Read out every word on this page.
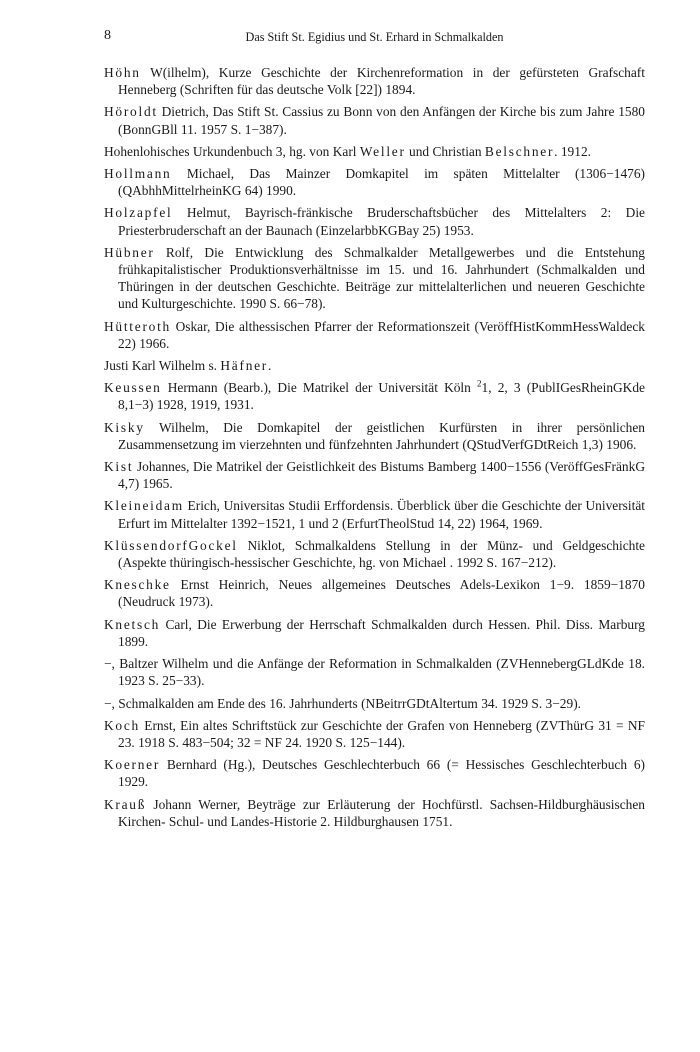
8	Das Stift St. Egidius und St. Erhard in Schmalkalden

Höhn W(ilhelm), Kurze Geschichte der Kirchenreformation in der gefürsteten Grafschaft Henneberg (Schriften für das deutsche Volk [22]) 1894.

Höroldt Dietrich, Das Stift St. Cassius zu Bonn von den Anfängen der Kirche bis zum Jahre 1580 (BonnGBll 11. 1957 S. 1−387).

Hohenlohisches Urkundenbuch 3, hg. von Karl Weller und Christian Belschner. 1912.

Hollmann Michael, Das Mainzer Domkapitel im späten Mittelalter (1306−1476) (QAbhhMittelrheinKG 64) 1990.

Holzapfel Helmut, Bayrisch-fränkische Bruderschaftsbücher des Mittelalters 2: Die Priesterbruderschaft an der Baunach (EinzelarbbKGBay 25) 1953.

Hübner Rolf, Die Entwicklung des Schmalkalder Metallgewerbes und die Entstehung frühkapitalistischer Produktionsverhältnisse im 15. und 16. Jahrhundert (Schmalkalden und Thüringen in der deutschen Geschichte. Beiträge zur mittelalterlichen und neueren Geschichte und Kulturgeschichte. 1990 S. 66−78).

Hütteroth Oskar, Die althessischen Pfarrer der Reformationszeit (VeröffHistKommHessWaldeck 22) 1966.

Justi Karl Wilhelm s. Häfner.

Keussen Hermann (Bearb.), Die Matrikel der Universität Köln $^2$1, 2, 3 (PublIGesRheinGKde 8,1−3) 1928, 1919, 1931.

Kisky Wilhelm, Die Domkapitel der geistlichen Kurfürsten in ihrer persönlichen Zusammensetzung im vierzehnten und fünfzehnten Jahrhundert (QStudVerfGDtReich 1,3) 1906.

Kist Johannes, Die Matrikel der Geistlichkeit des Bistums Bamberg 1400−1556 (VeröffGesFränkG 4,7) 1965.

Kleineidam Erich, Universitas Studii Erffordensis. Überblick über die Geschichte der Universität Erfurt im Mittelalter 1392−1521, 1 und 2 (ErfurtTheolStud 14, 22) 1964, 1969.

KlüssendorfGockel Niklot, Schmalkaldens Stellung in der Münz- und Geldgeschichte (Aspekte thüringisch-hessischer Geschichte, hg. von Michael . 1992 S. 167−212).

Kneschke Ernst Heinrich, Neues allgemeines Deutsches Adels-Lexikon 1−9. 1859−1870 (Neudruck 1973).

Knetsch Carl, Die Erwerbung der Herrschaft Schmalkalden durch Hessen. Phil. Diss. Marburg 1899.

−, Baltzer Wilhelm und die Anfänge der Reformation in Schmalkalden (ZVHennebergGLdKde 18. 1923 S. 25−33).

−, Schmalkalden am Ende des 16. Jahrhunderts (NBeitrrGDtAltertum 34. 1929 S. 3−29).

Koch Ernst, Ein altes Schriftstück zur Geschichte der Grafen von Henneberg (ZVThürG 31 = NF 23. 1918 S. 483−504; 32 = NF 24. 1920 S. 125−144).

Koerner Bernhard (Hg.), Deutsches Geschlechterbuch 66 (= Hessisches Geschlechterbuch 6) 1929.

Krauß Johann Werner, Beyträge zur Erläuterung der Hochfürstl. Sachsen-Hildburghäusischen Kirchen- Schul- und Landes-Historie 2. Hildburghausen 1751.
